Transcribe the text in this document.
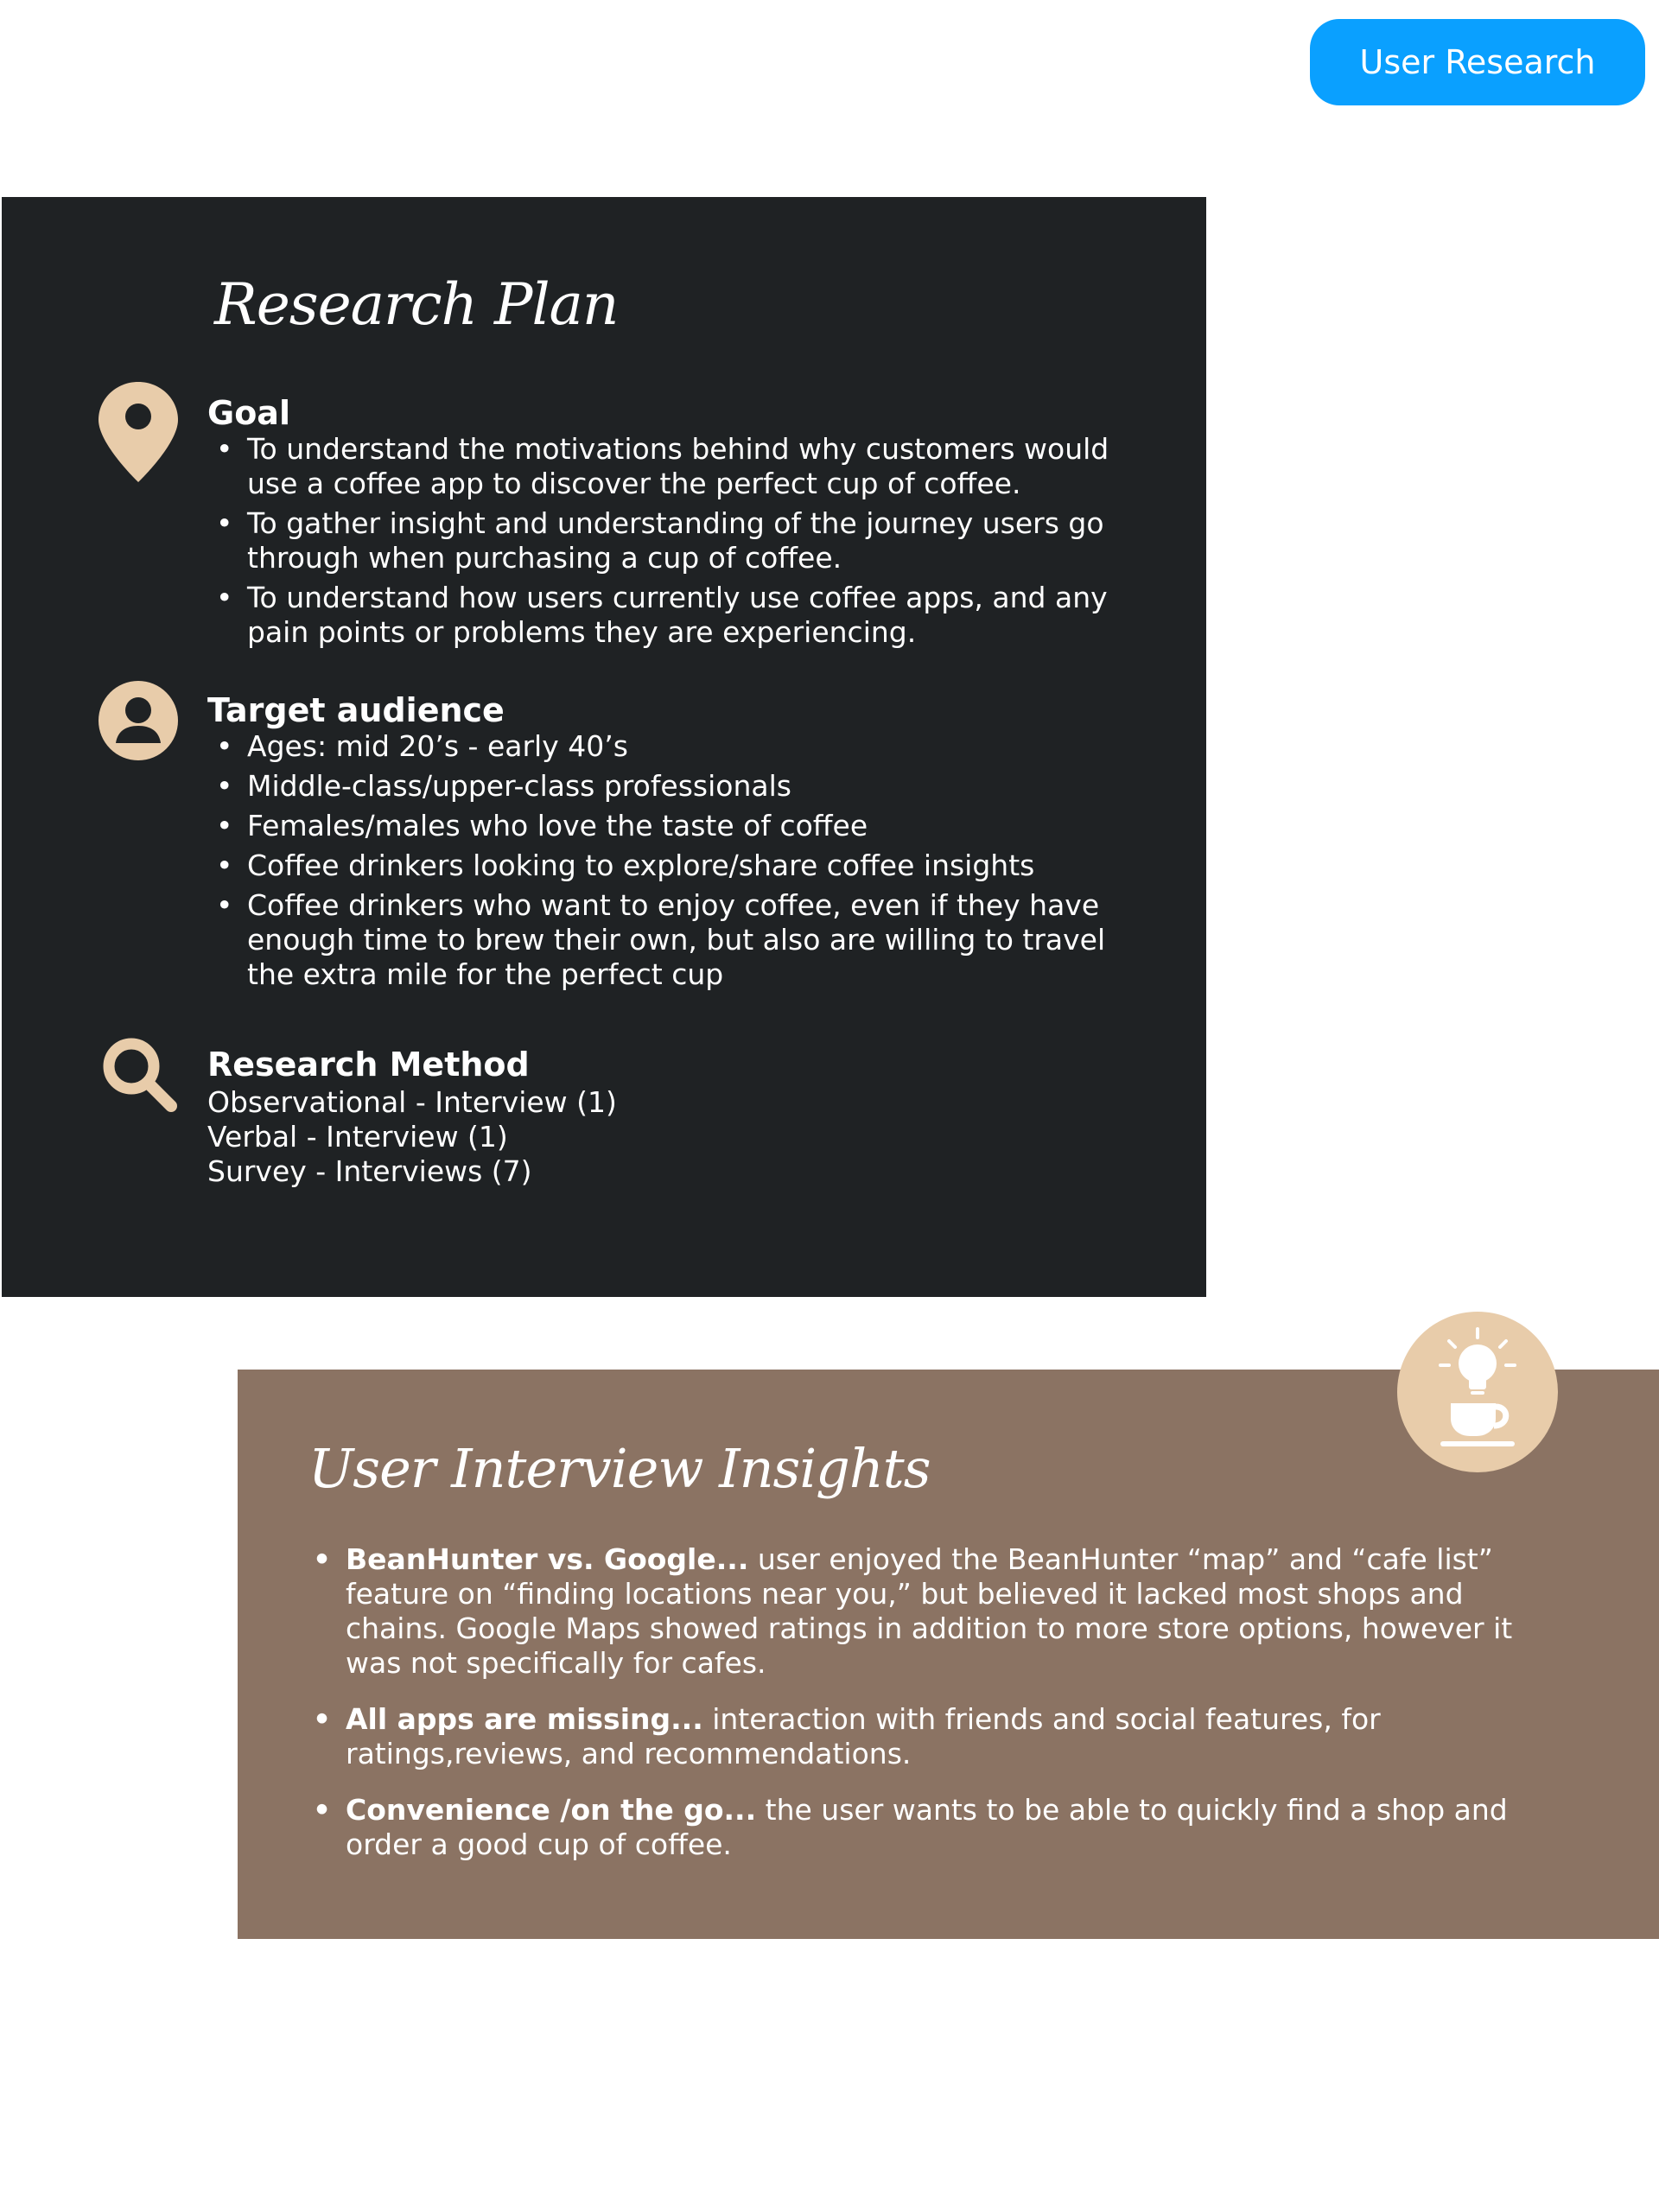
User Research
Research Plan
Goal
• To understand the motivations behind why customers would use a coffee app to discover the perfect cup of coffee.
• To gather insight and understanding of the journey users go through when purchasing a cup of coffee.
• To understand how users currently use coffee apps, and any pain points or problems they are experiencing.
Target audience
• Ages: mid 20’s - early 40’s
• Middle-class/upper-class professionals
• Females/males who love the taste of coffee
• Coffee drinkers looking to explore/share coffee insights
• Coffee drinkers who want to enjoy coffee, even if they have enough time to brew their own, but also are willing to travel the extra mile for the perfect cup
Research Method
Observational - Interview (1)
Verbal - Interview (1)
Survey - Interviews (7)
User Interview Insights
• BeanHunter vs. Google... user enjoyed the BeanHunter “map” and “cafe list” feature on “finding locations near you,” but believed it lacked most shops and chains. Google Maps showed ratings in addition to more store options, however it was not specifically for cafes.
• All apps are missing... interaction with friends and social features, for ratings,reviews, and recommendations.
• Convenience /on the go... the user wants to be able to quickly find a shop and order a good cup of coffee.
